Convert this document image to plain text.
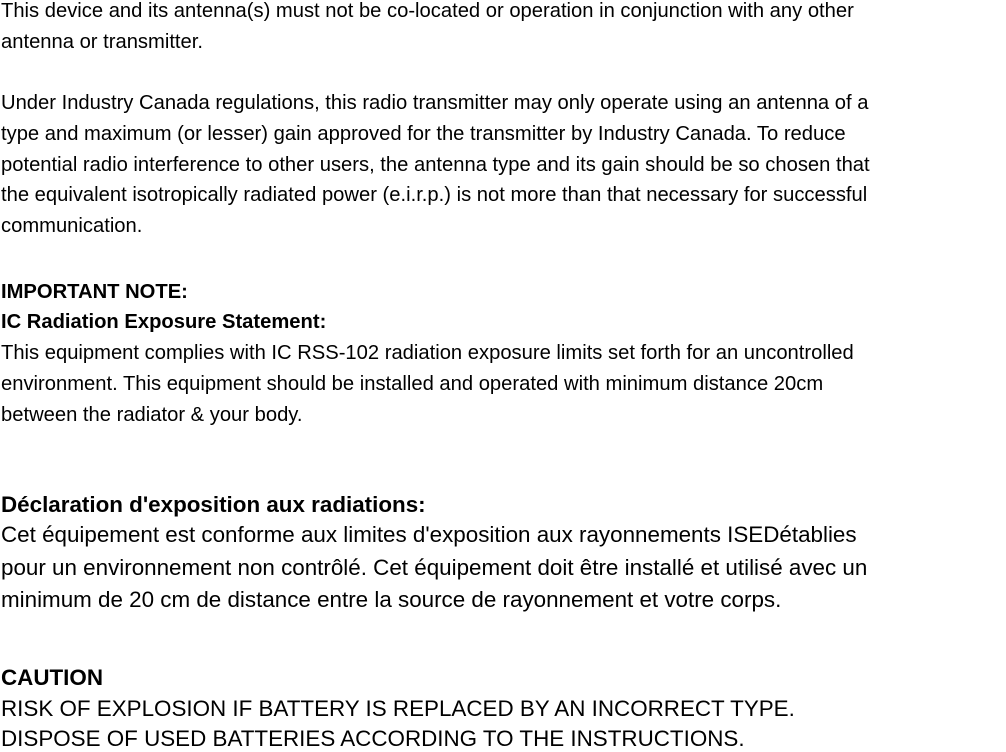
This device and its antenna(s) must not be co-located or operation in conjunction with any other

antenna or transmitter.

Under Industry Canada regulations, this radio transmitter may only operate using an antenna of a

type and maximum (or lesser) gain approved for the transmitter by Industry Canada. To reduce

potential radio interference to other users, the antenna type and its gain should be so chosen that

the equivalent isotropically radiated power (e.i.r.p.) is not more than that necessary for successful

communication.

IMPORTANT NOTE:

IC Radiation Exposure Statement:

This equipment complies with IC RSS-102 radiation exposure limits set forth for an uncontrolled

environment. This equipment should be installed and operated with minimum distance 20cm

between the radiator & your body.

Déclaration d'exposition aux radiations:

Cet équipement est conforme aux limites d'exposition aux rayonnements ISEDétablies

pour un environnement non contrôlé. Cet équipement doit être installé et utilisé avec un

minimum de 20 cm de distance entre la source de rayonnement et votre corps.

CAUTION

RISK OF EXPLOSION IF BATTERY IS REPLACED BY AN INCORRECT TYPE.

DISPOSE OF USED BATTERIES ACCORDING TO THE INSTRUCTIONS.
